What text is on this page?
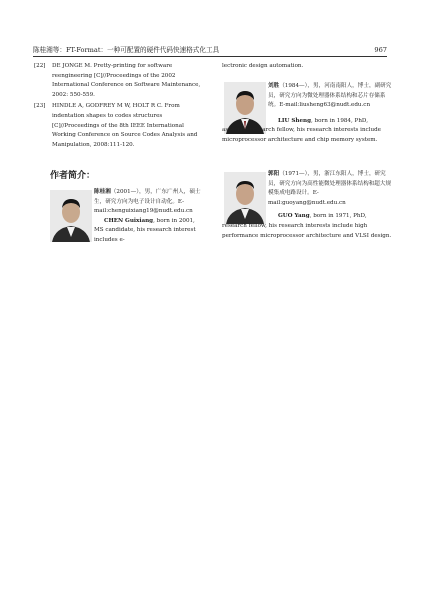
陈桂湘等：FT-Format：一种可配置的硬件代码快速格式化工具	967
[22]	DE JONGE M. Pretty-printing for software reengineering [C]//Proceedings of the 2002 International Conference on Software Maintenance, 2002: 550-559.
[23]	HINDLE A, GODFREY M W, HOLT R C. From indentation shapes to codes structures [C]//Proceedings of the 8th IEEE International Working Conference on Source Codes Analysis and Manipulation, 2008:111-120.
lectronic design automation.
作者简介：
陈桂湘（2001—），男，广东广州人，硕士生，研究方向为电子设计自动化。E-mail:chenguixiang19@nudt.edu.cn
CHEN Guixiang, born in 2001, MS candidate, his research interest includes e-
刘胜（1984—），男，河南南阳人，博士，副研究员，研究方向为微处理器体系结构和芯片存储系统。E-mail:liusheng63@nudt.edu.cn
LIU Sheng, born in 1984, PhD, associate research fellow, his research interests include microprocessor architecture and chip memory system.
郭阳（1971—），男，浙江东阳人，博士，研究员，研究方向为高性能微处理器体系结构和超大规模集成电路设计。E-mail:guoyang@nudt.edu.cn
GUO Yang, born in 1971, PhD, research fellow, his research interests include high performance microprocessor architecture and VLSI design.
